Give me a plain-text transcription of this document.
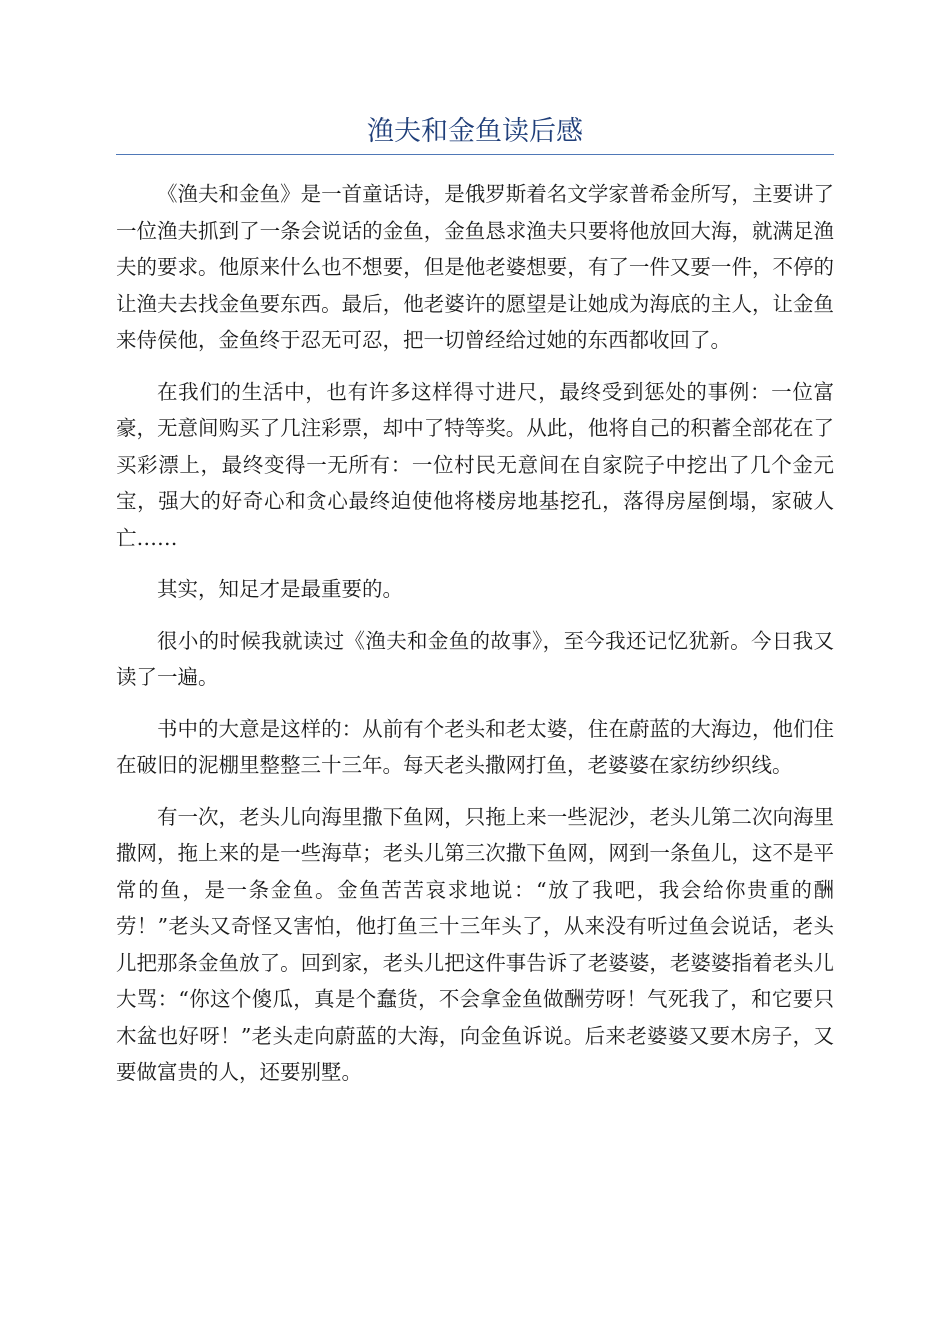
渔夫和金鱼读后感

《渔夫和金鱼》是一首童话诗，是俄罗斯着名文学家普希金所写，主要讲了一位渔夫抓到了一条会说话的金鱼，金鱼恳求渔夫只要将他放回大海，就满足渔夫的要求。他原来什么也不想要，但是他老婆想要，有了一件又要一件，不停的让渔夫去找金鱼要东西。最后，他老婆许的愿望是让她成为海底的主人，让金鱼来侍侯他，金鱼终于忍无可忍，把一切曾经给过她的东西都收回了。

在我们的生活中，也有许多这样得寸进尺，最终受到惩处的事例：一位富豪，无意间购买了几注彩票，却中了特等奖。从此，他将自己的积蓄全部花在了买彩漂上，最终变得一无所有：一位村民无意间在自家院子中挖出了几个金元宝，强大的好奇心和贪心最终迫使他将楼房地基挖孔，落得房屋倒塌，家破人亡……

其实，知足才是最重要的。

很小的时候我就读过《渔夫和金鱼的故事》，至今我还记忆犹新。今日我又读了一遍。

书中的大意是这样的：从前有个老头和老太婆，住在蔚蓝的大海边，他们住在破旧的泥棚里整整三十三年。每天老头撒网打鱼，老婆婆在家纺纱织线。

有一次，老头儿向海里撒下鱼网，只拖上来一些泥沙，老头儿第二次向海里撒网，拖上来的是一些海草；老头儿第三次撒下鱼网，网到一条鱼儿，这不是平常的鱼，是一条金鱼。金鱼苦苦哀求地说：“放了我吧，我会给你贵重的酬劳！”老头又奇怪又害怕，他打鱼三十三年头了，从来没有听过鱼会说话，老头儿把那条金鱼放了。回到家，老头儿把这件事告诉了老婆婆，老婆婆指着老头儿大骂：“你这个傻瓜，真是个蠢货，不会拿金鱼做酬劳呀！气死我了，和它要只木盆也好呀！”老头走向蔚蓝的大海，向金鱼诉说。后来老婆婆又要木房子，又要做富贵的人，还要别墅。
